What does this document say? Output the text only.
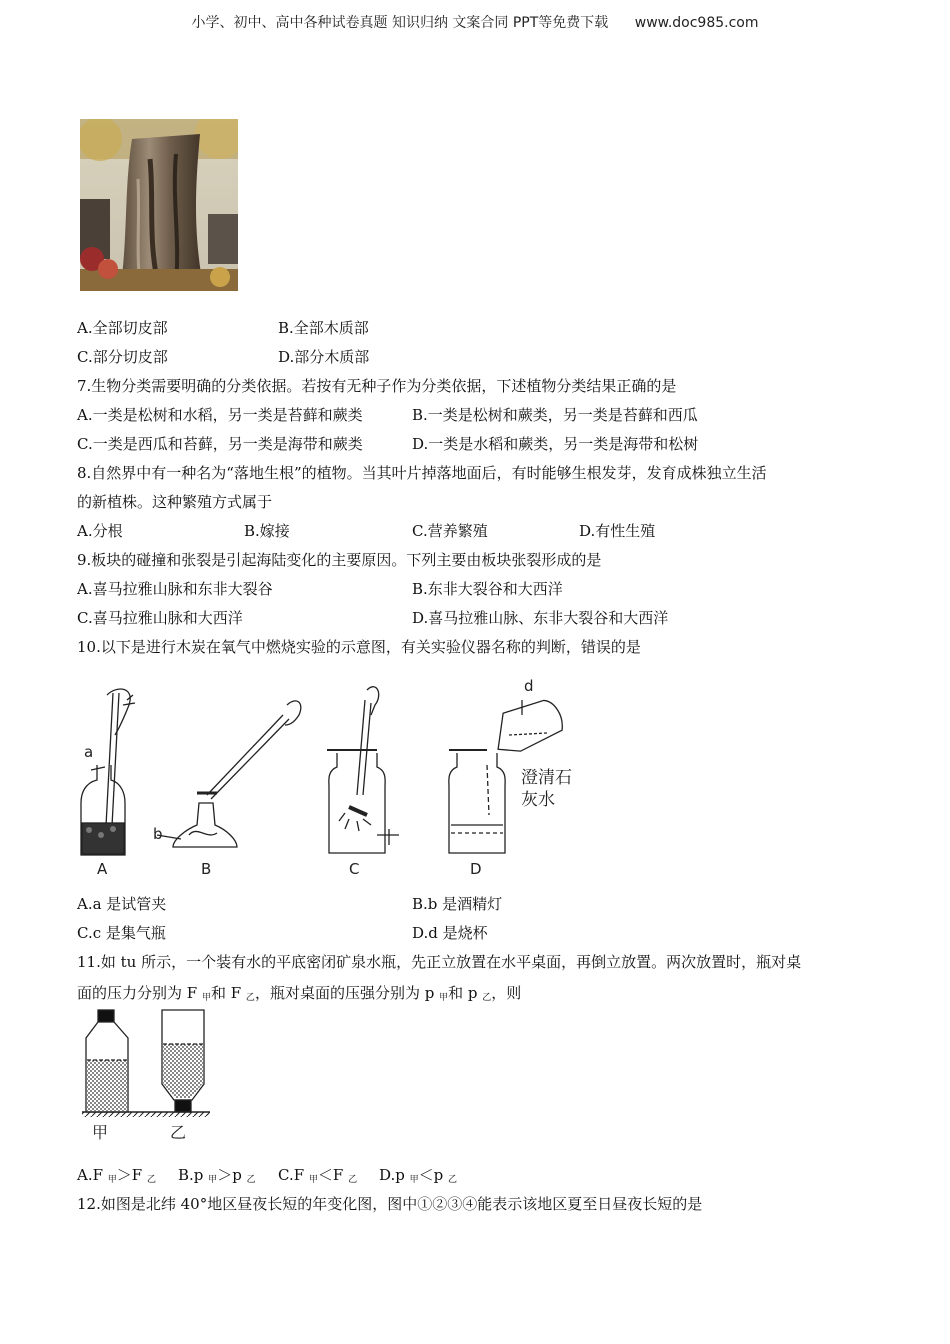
小学、初中、高中各种试卷真题 知识归纳 文案合同 PPT等免费下载 www.doc985.com
A.全部切皮部	B.全部木质部
C.部分切皮部	D.部分木质部
7.生物分类需要明确的分类依据。若按有无种子作为分类依据，下述植物分类结果正确的是
A.一类是松树和水稻，另一类是苔藓和蕨类	B.一类是松树和蕨类，另一类是苔藓和西瓜
C.一类是西瓜和苔藓，另一类是海带和蕨类	D.一类是水稻和蕨类，另一类是海带和松树
8.自然界中有一种名为“落地生根”的植物。当其叶片掉落地面后，有时能够生根发芽，发育成株独立生活
的新植株。这种繁殖方式属于
A.分根	B.嫁接	C.营养繁殖	D.有性生殖
9.板块的碰撞和张裂是引起海陆变化的主要原因。下列主要由板块张裂形成的是
A.喜马拉雅山脉和东非大裂谷	B.东非大裂谷和大西洋
C.喜马拉雅山脉和大西洋	D.喜马拉雅山脉、东非大裂谷和大西洋
10.以下是进行木炭在氧气中燃烧实验的示意图，有关实验仪器名称的判断，错误的是
a
b
d
澄清石
灰水
A	B	C	D
A.a 是试管夹	B.b 是酒精灯
C.c 是集气瓶	D.d 是烧杯
11.如 tu 所示，一个装有水的平底密闭矿泉水瓶，先正立放置在水平桌面，再倒立放置。两次放置时，瓶对桌
面的压力分别为 F $_甲$和 F $_乙$，瓶对桌面的压强分别为 p $_甲$和 p $_乙$，则
甲	乙
A.F $_甲$＞F $_乙$ B.p $_甲$＞p $_乙$ C.F $_甲$＜F $_乙$ D.p $_甲$＜p $_乙$
12.如图是北纬 40°地区昼夜长短的年变化图，图中①②③④能表示该地区夏至日昼夜长短的是
